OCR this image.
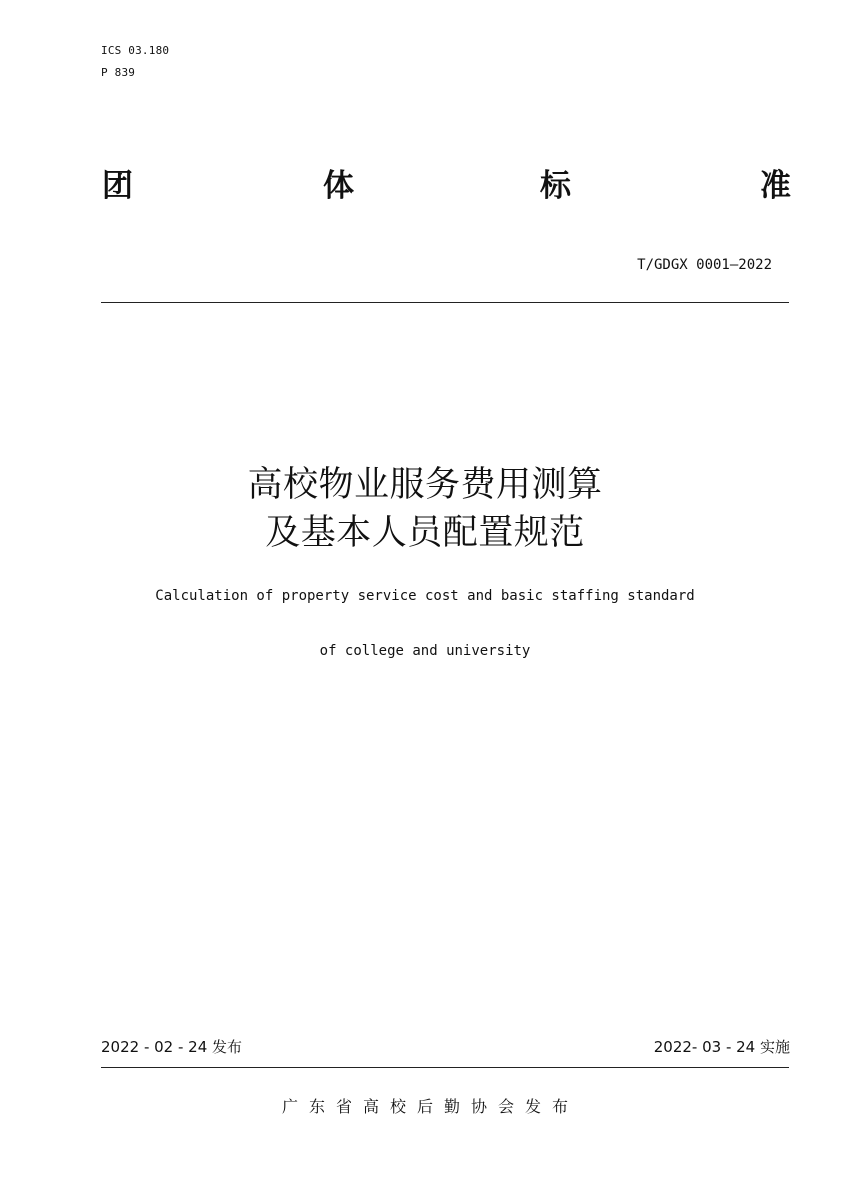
ICS 03.180
P 839
团	体	标	准
T/GDGX 0001—2022
高校物业服务费用测算
及基本人员配置规范
Calculation of property service cost and basic staffing standard
of college and university
2022 - 02 - 24 发布	2022- 03 - 24 实施
广东省高校后勤协会发布
